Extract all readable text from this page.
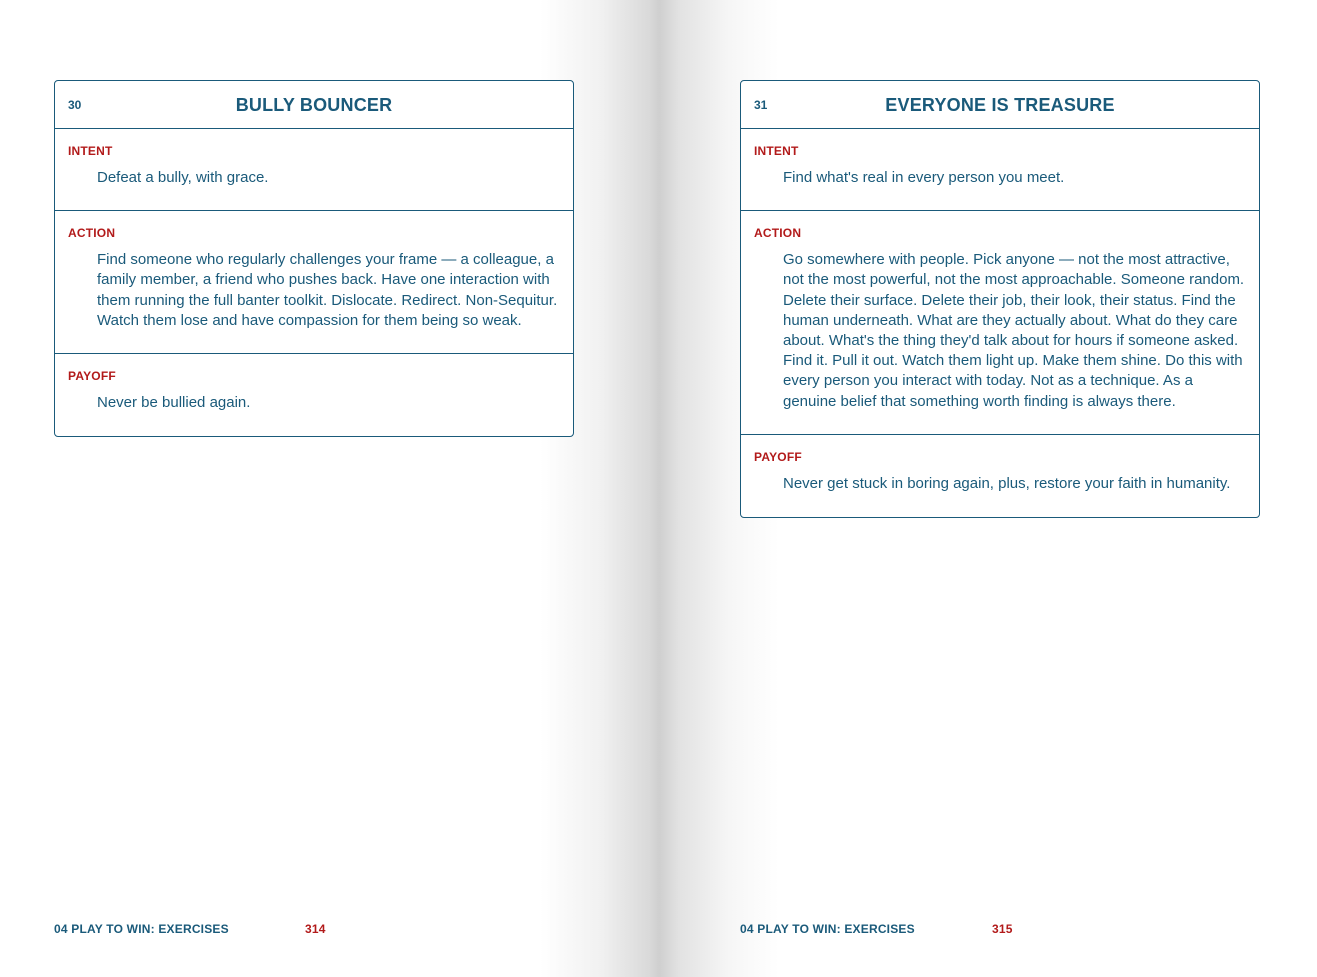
30	BULLY BOUNCER
INTENT
Defeat a bully, with grace.
ACTION
Find someone who regularly challenges your frame — a colleague, a family member, a friend who pushes back. Have one interaction with them running the full banter toolkit. Dislocate. Redirect. Non-Sequitur. Watch them lose and have compassion for them being so weak.
PAYOFF
Never be bullied again.
04 PLAY TO WIN: EXERCISES	314
31	EVERYONE IS TREASURE
INTENT
Find what's real in every person you meet.
ACTION
Go somewhere with people. Pick anyone — not the most attractive, not the most powerful, not the most approachable. Someone random. Delete their surface. Delete their job, their look, their status. Find the human underneath. What are they actually about. What do they care about. What's the thing they'd talk about for hours if someone asked. Find it. Pull it out. Watch them light up. Make them shine. Do this with every person you interact with today. Not as a technique. As a genuine belief that something worth finding is always there.
PAYOFF
Never get stuck in boring again, plus, restore your faith in humanity.
04 PLAY TO WIN: EXERCISES	315
